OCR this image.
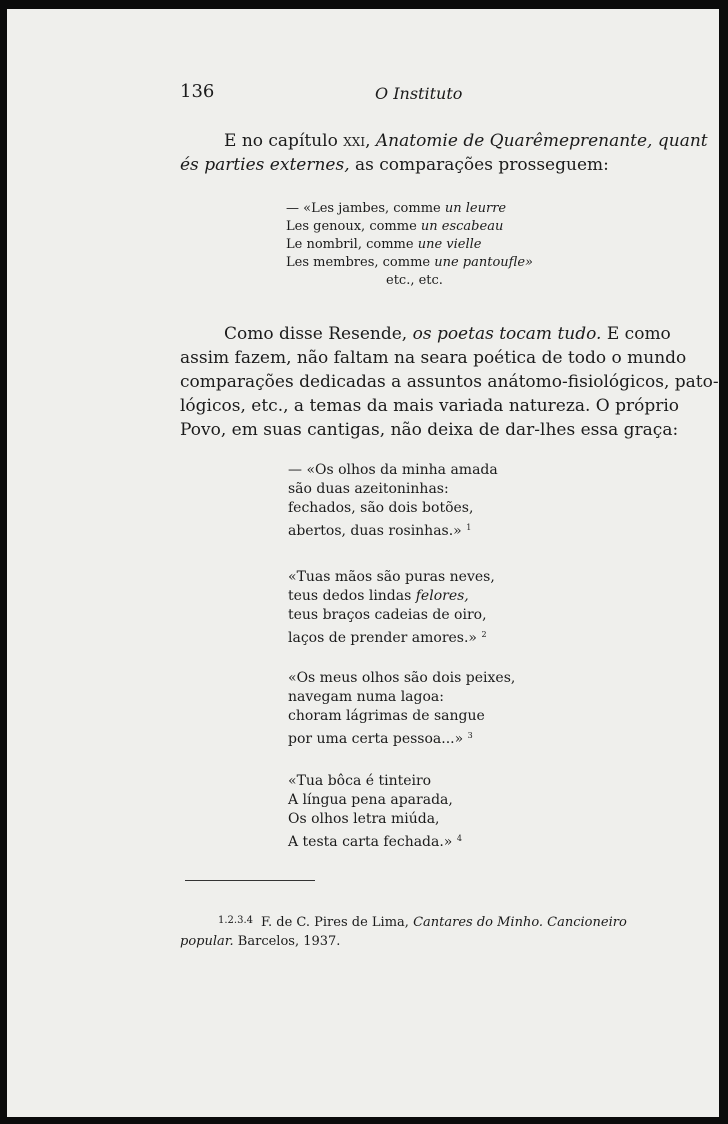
136	O Instituto
E no capítulo xxi, Anatomie de Quarêmeprenante, quant
és parties externes, as comparações prosseguem:
— «Les jambes, comme un leurre
Les genoux, comme un escabeau
Le nombril, comme une vielle
Les membres, comme une pantoufle»
etc., etc.
Como disse Resende, os poetas tocam tudo. E como
assim fazem, não faltam na seara poética de todo o mundo
comparações dedicadas a assuntos anátomo-fisiológicos, pato-
lógicos, etc., a temas da mais variada natureza. O próprio
Povo, em suas cantigas, não deixa de dar-lhes essa graça:
— «Os olhos da minha amada
são duas azeitoninhas:
fechados, são dois botões,
abertos, duas rosinhas.» $^1$
«Tuas mãos são puras neves,
teus dedos lindas felores,
teus braços cadeias de oiro,
laços de prender amores.» $^2$
«Os meus olhos são dois peixes,
navegam numa lagoa:
choram lágrimas de sangue
por uma certa pessoa...» $^3$
«Tua bôca é tinteiro
A língua pena aparada,
Os olhos letra miúda,
A testa carta fechada.» $^4$
$^{1.2.3.4}$ F. de C. Pires de Lima, Cantares do Minho. Cancioneiro
popular. Barcelos, 1937.
